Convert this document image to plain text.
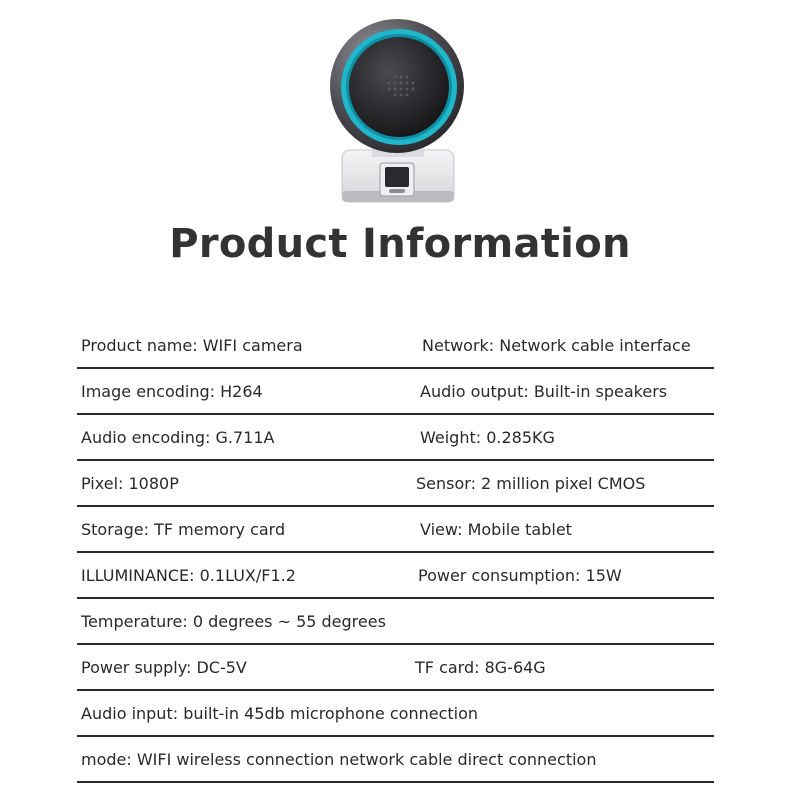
Product Information
Product name: WIFI camera	Network: Network cable interface
Image encoding: H264	Audio output: Built-in speakers
Audio encoding: G.711A	Weight: 0.285KG
Pixel: 1080P	Sensor: 2 million pixel CMOS
Storage: TF memory card	View: Mobile tablet
ILLUMINANCE: 0.1LUX/F1.2	Power consumption: 15W
Temperature: 0 degrees ~ 55 degrees
Power supply: DC-5V	TF card: 8G-64G
Audio input: built-in 45db microphone connection
mode: WIFI wireless connection network cable direct connection
